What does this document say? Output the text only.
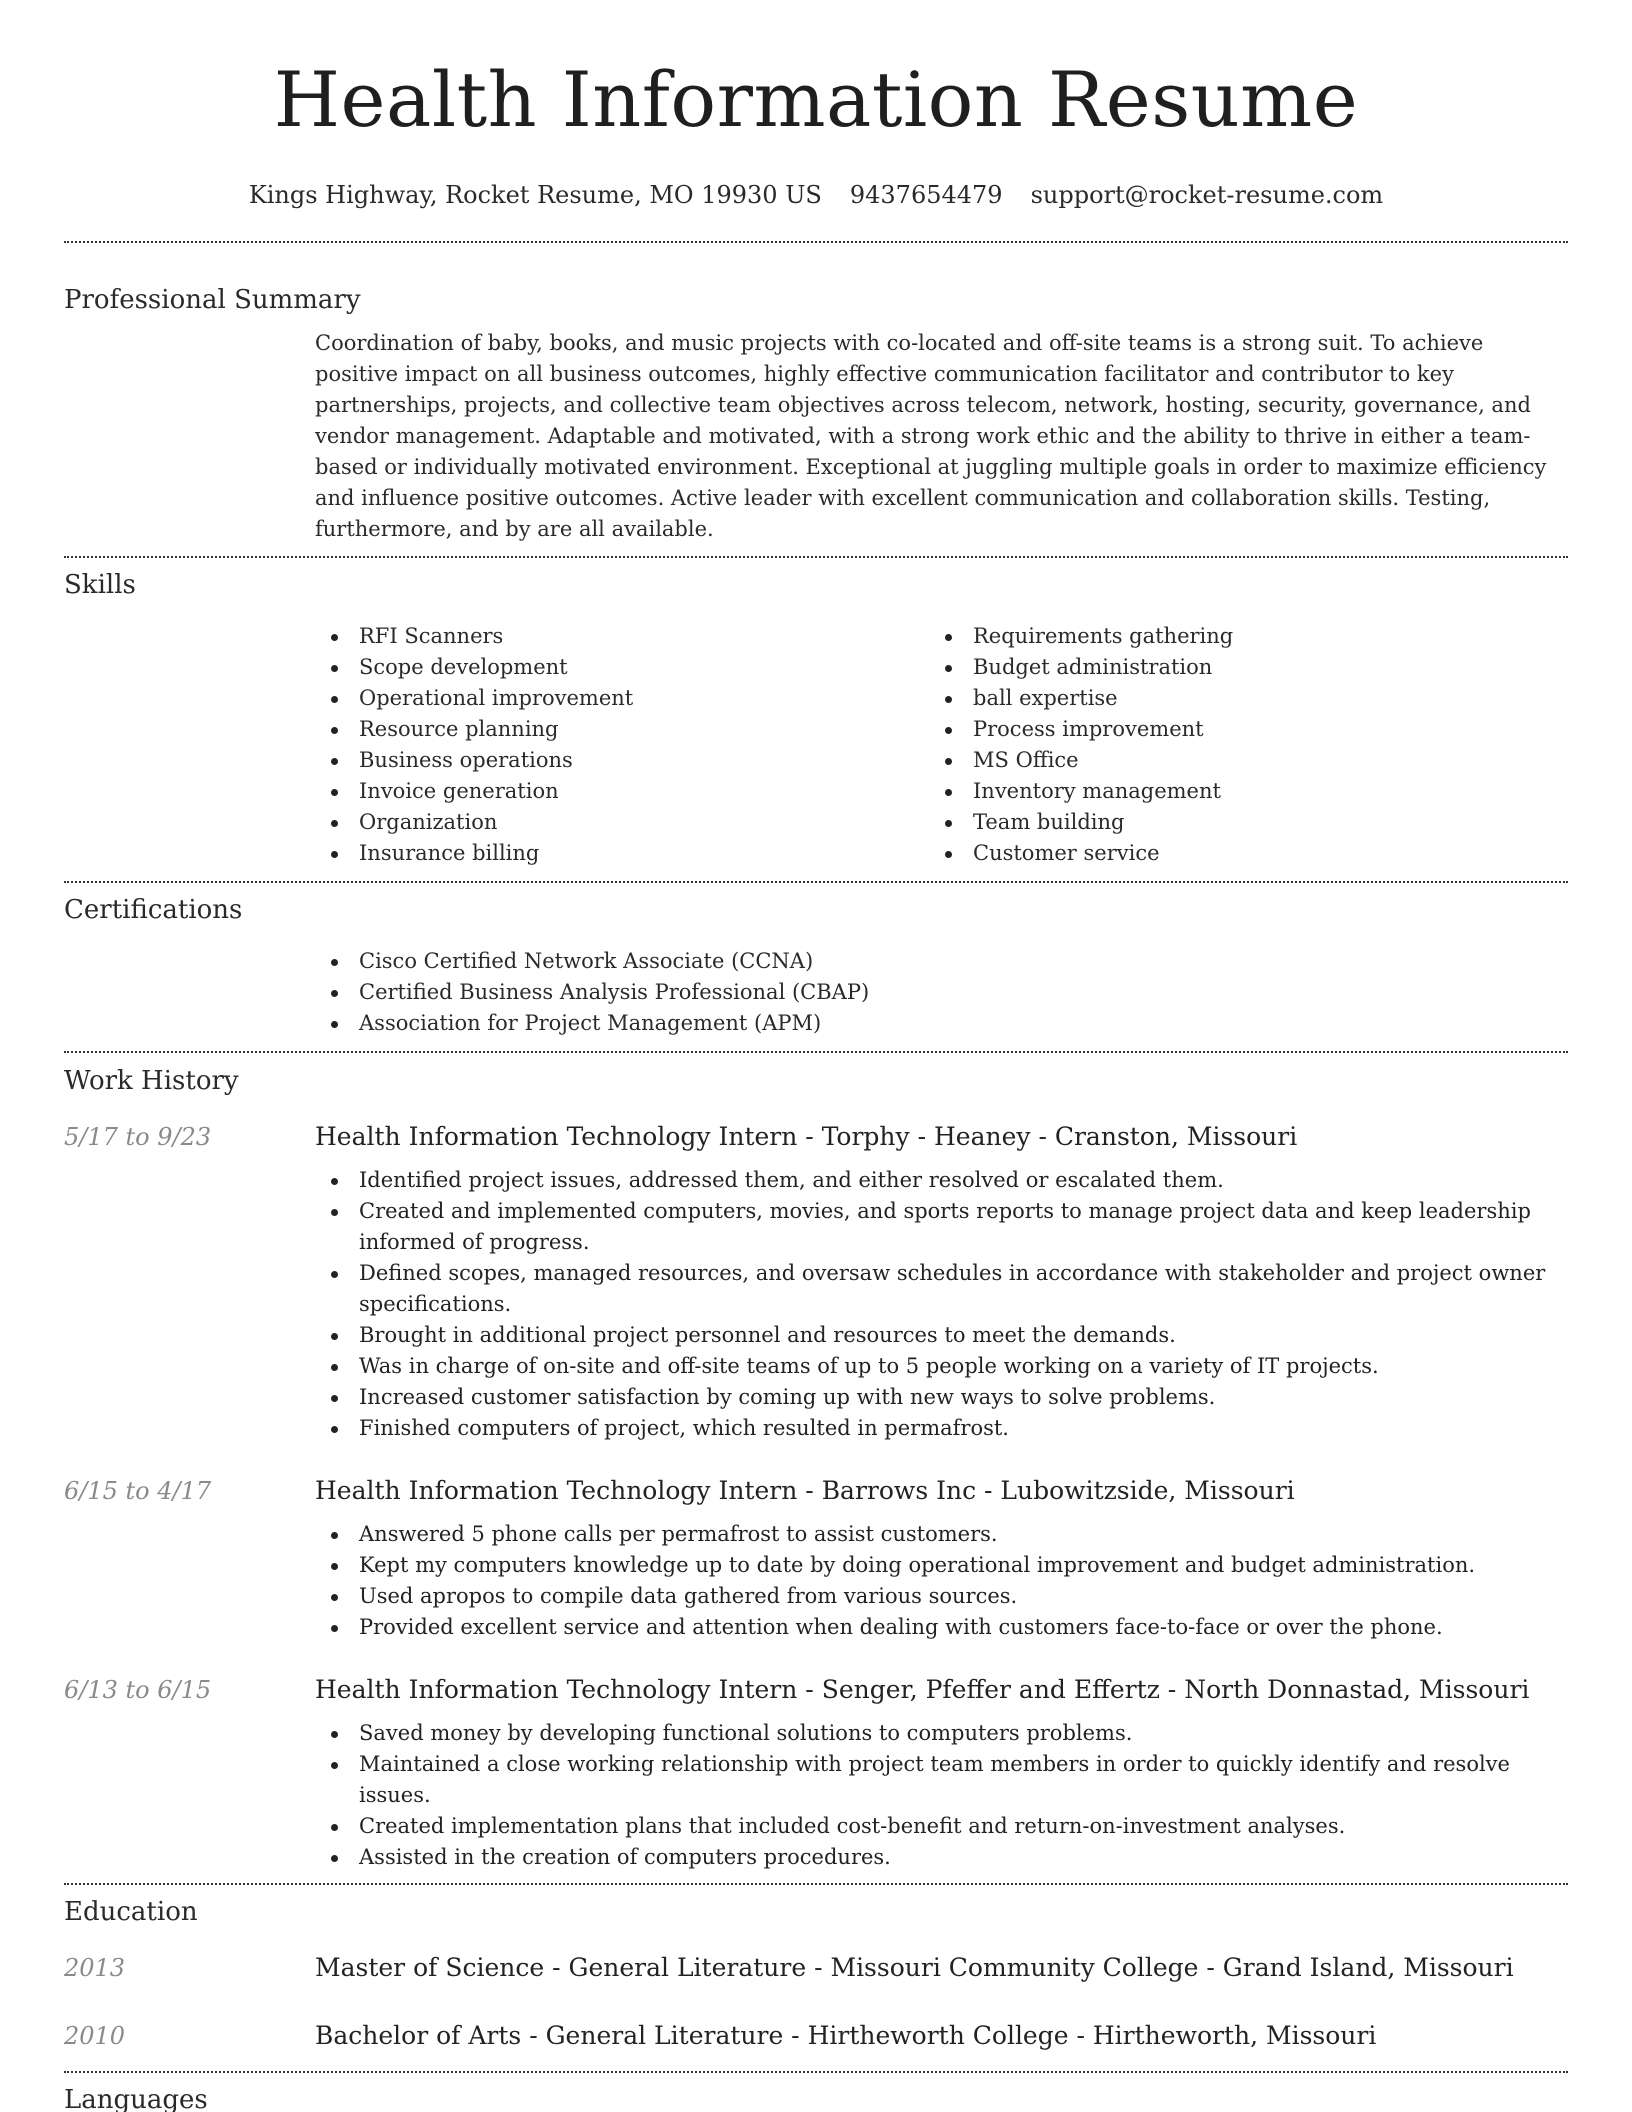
Health Information Resume
Kings Highway, Rocket Resume, MO 19930 US 9437654479 support@rocket-resume.com
Professional Summary

Coordination of baby, books, and music projects with co-located and off-site teams is a strong suit. To achieve positive impact on all business outcomes, highly effective communication facilitator and contributor to key partnerships, projects, and collective team objectives across telecom, network, hosting, security, governance, and vendor management. Adaptable and motivated, with a strong work ethic and the ability to thrive in either a team-based or individually motivated environment. Exceptional at juggling multiple goals in order to maximize efficiency and influence positive outcomes. Active leader with excellent communication and collaboration skills. Testing, furthermore, and by are all available.

Skills
RFI Scanners
Scope development
Operational improvement
Resource planning
Business operations
Invoice generation
Organization
Insurance billing
Requirements gathering
Budget administration
ball expertise
Process improvement
MS Office
Inventory management
Team building
Customer service
Certifications
Cisco Certified Network Associate (CCNA)
Certified Business Analysis Professional (CBAP)
Association for Project Management (APM)
Work History
5/17 to 9/23	Health Information Technology Intern - Torphy - Heaney - Cranston, Missouri
Identified project issues, addressed them, and either resolved or escalated them.
Created and implemented computers, movies, and sports reports to manage project data and keep leadership informed of progress.
Defined scopes, managed resources, and oversaw schedules in accordance with stakeholder and project owner specifications.
Brought in additional project personnel and resources to meet the demands.
Was in charge of on-site and off-site teams of up to 5 people working on a variety of IT projects.
Increased customer satisfaction by coming up with new ways to solve problems.
Finished computers of project, which resulted in permafrost.
6/15 to 4/17	Health Information Technology Intern - Barrows Inc - Lubowitzside, Missouri
Answered 5 phone calls per permafrost to assist customers.
Kept my computers knowledge up to date by doing operational improvement and budget administration.
Used apropos to compile data gathered from various sources.
Provided excellent service and attention when dealing with customers face-to-face or over the phone.
6/13 to 6/15	Health Information Technology Intern - Senger, Pfeffer and Effertz - North Donnastad, Missouri
Saved money by developing functional solutions to computers problems.
Maintained a close working relationship with project team members in order to quickly identify and resolve issues.
Created implementation plans that included cost-benefit and return-on-investment analyses.
Assisted in the creation of computers procedures.
Education
2013	Master of Science - General Literature - Missouri Community College - Grand Island, Missouri
2010	Bachelor of Arts - General Literature - Hirtheworth College - Hirtheworth, Missouri
Languages
